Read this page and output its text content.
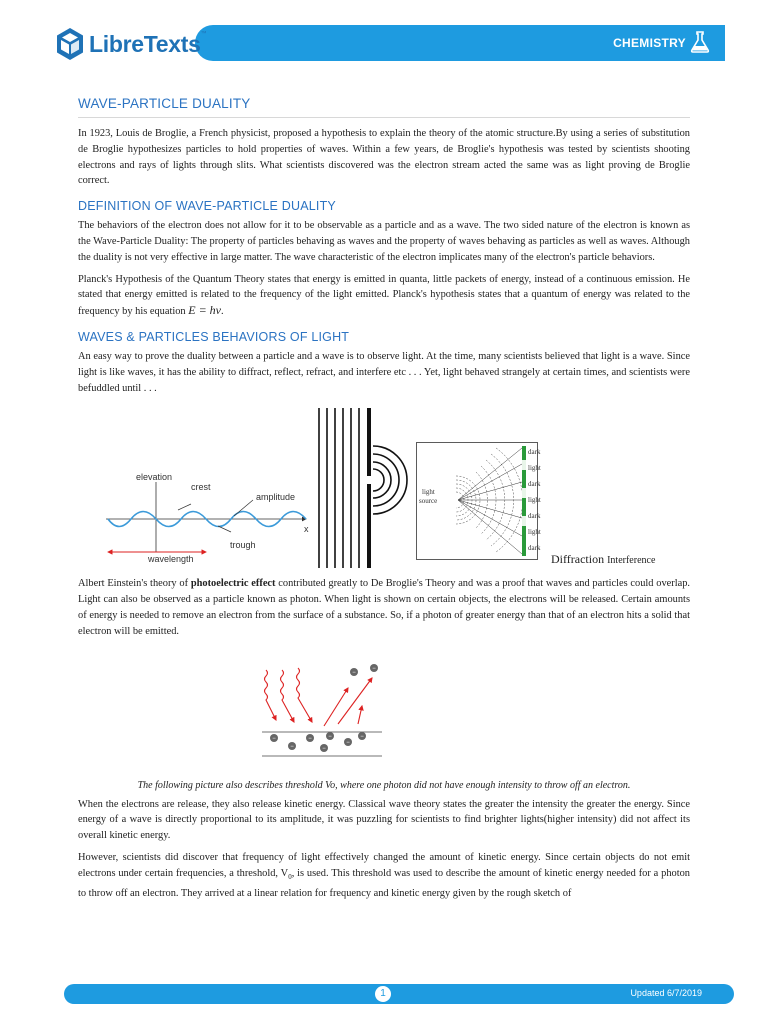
LibreTexts™
CHEMISTRY
WAVE-PARTICLE DUALITY

In 1923, Louis de Broglie, a French physicist, proposed a hypothesis to explain the theory of the atomic structure.By using a series of substitution de Broglie hypothesizes particles to hold properties of waves. Within a few years, de Broglie's hypothesis was tested by scientists shooting electrons and rays of lights through slits. What scientists discovered was the electron stream acted the same was as light proving de Broglie correct.

DEFINITION OF WAVE-PARTICLE DUALITY

The behaviors of the electron does not allow for it to be observable as a particle and as a wave. The two sided nature of the electron is known as the Wave-Particle Duality: The property of particles behaving as waves and the property of waves behaving as particles as well as waves. Although the duality is not very effective in large matter. The wave characteristic of the electron implicates many of the electron's particle behaviors.

Planck's Hypothesis of the Quantum Theory states that energy is emitted in quanta, little packets of energy, instead of a continuous emission. He stated that energy emitted is related to the frequency of the light emitted. Planck's hypothesis states that a quantum of energy was related to the frequency by his equation E = hν.

WAVES & PARTICLES BEHAVIORS OF LIGHT

An easy way to prove the duality between a particle and a wave is to observe light. At the time, many scientists believed that light is a wave. Since light is like waves, it has the ability to diffract, reflect, refract, and interfere etc . . . Yet, light behaved strangely at certain times, and scientists were befuddled until . . .

elevation
crest
amplitude
x
trough
wavelength
light
source
dark
light
dark
light
dark
light
dark
Diffraction Interference

Albert Einstein's theory of photoelectric effect contributed greatly to De Broglie's Theory and was a proof that waves and particles could overlap. Light can also be observed as a particle known as photon. When light is shown on certain objects, the electrons will be released. Certain amounts of energy is needed to remove an electron from the surface of a substance. So, if a photon of greater energy than that of an electron hits a solid that electron will be emitted.

−
−
−
−
−
−
−
−
−
The following picture also describes threshold Vo, where one photon did not have enough intensity to throw off an electron.

When the electrons are release, they also release kinetic energy. Classical wave theory states the greater the intensity the greater the energy. Since energy of a wave is directly proportional to its amplitude, it was puzzling for scientists to find brighter lights(higher intensity) did not affect its overall kinetic energy.

However, scientists did discover that frequency of light effectively changed the amount of kinetic energy. Since certain objects do not emit electrons under certain frequencies, a threshold, $V_0$, is used. This threshold was used to describe the amount of kinetic energy needed for a photon to throw off an electron. They arrived at a linear relation for frequency and kinetic energy given by the rough sketch of

1	Updated 6/7/2019
